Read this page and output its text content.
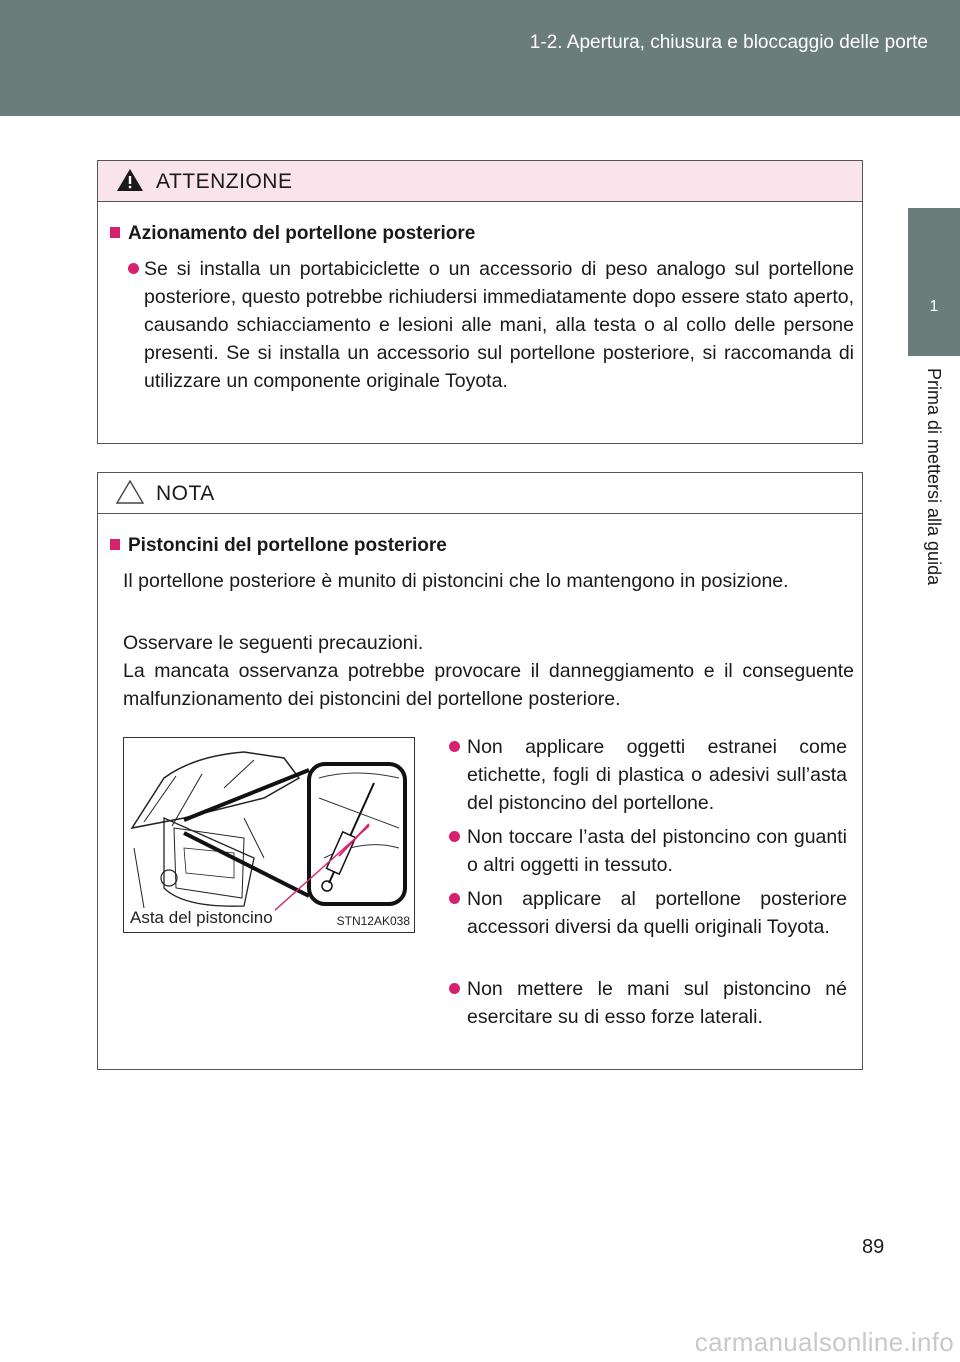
1-2. Apertura, chiusura e bloccaggio delle porte
1
Prima di mettersi alla guida
ATTENZIONE
Azionamento del portellone posteriore
Se si installa un portabiciclette o un accessorio di peso analogo sul portellone posteriore, questo potrebbe richiudersi immediatamente dopo essere stato aperto, causando schiacciamento e lesioni alle mani, alla testa o al collo delle persone presenti. Se si installa un accessorio sul portellone posteriore, si raccomanda di utilizzare un componente originale Toyota.
NOTA
Pistoncini del portellone posteriore
Il portellone posteriore è munito di pistoncini che lo mantengono in posizione.
Osservare le seguenti precauzioni.
La mancata osservanza potrebbe provocare il danneggiamento e il conseguente malfunzionamento dei pistoncini del portellone posteriore.
Non applicare oggetti estranei come etichette, fogli di plastica o adesivi sull’asta del pistoncino del portellone.
Non toccare l’asta del pistoncino con guanti o altri oggetti in tessuto.
Non applicare al portellone posteriore accessori diversi da quelli originali Toyota.
Non mettere le mani sul pistoncino né esercitare su di esso forze laterali.
Asta del pistoncino	STN12AK038
89
carmanualsonline.info
